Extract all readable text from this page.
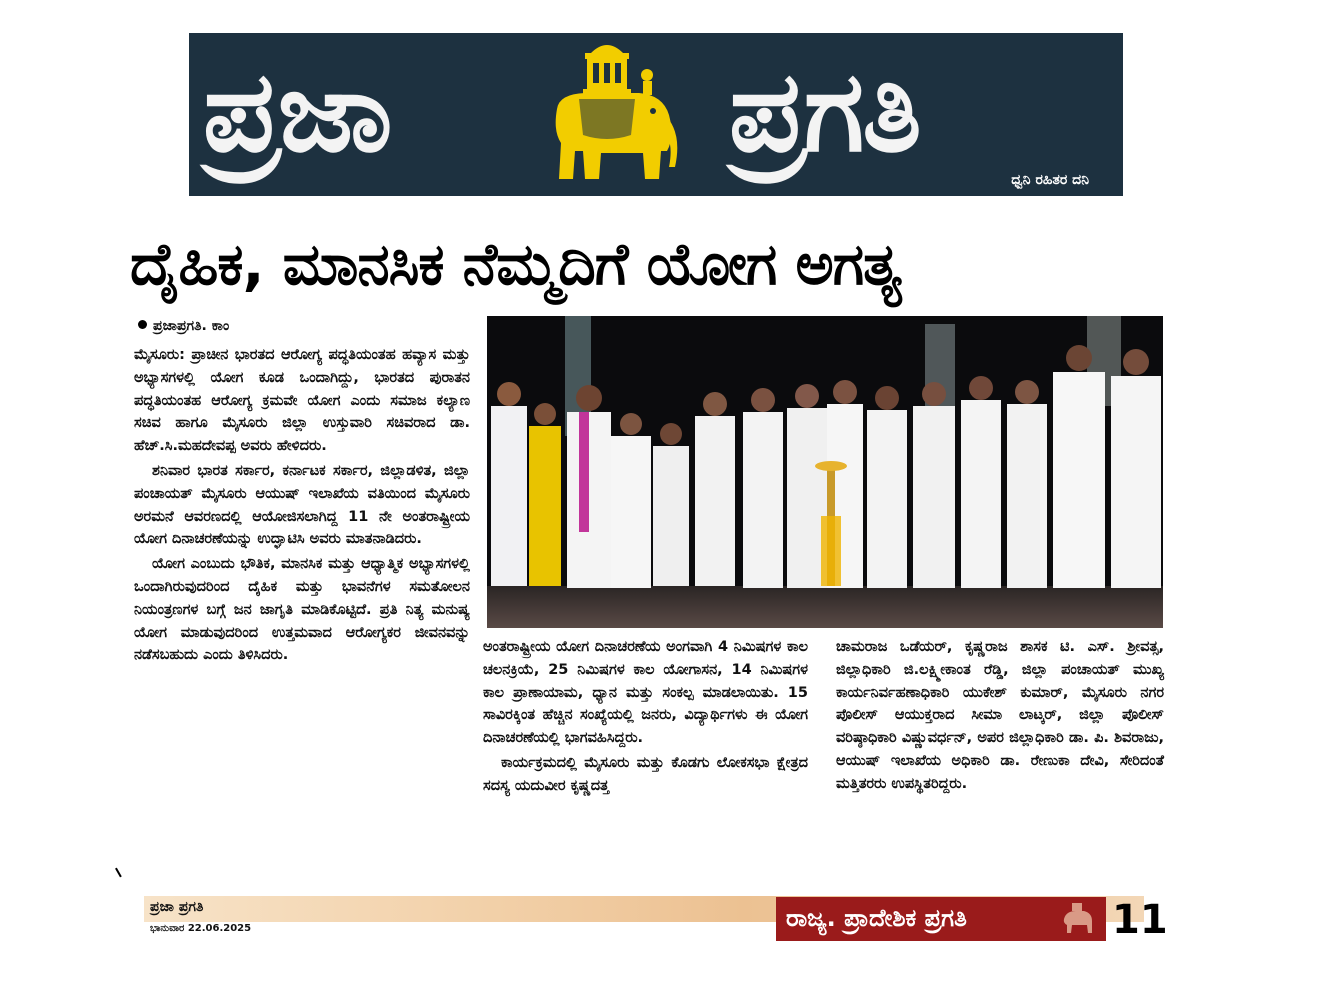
ಪ್ರಜಾ	ಪ್ರಗತಿ
ಧ್ವನಿ ರಹಿತರ ದನಿ
ದೈಹಿಕ, ಮಾನಸಿಕ ನೆಮ್ಮದಿಗೆ ಯೋಗ ಅಗತ್ಯ
ಪ್ರಜಾಪ್ರಗತಿ. ಕಾಂ

ಮೈಸೂರು: ಪ್ರಾಚೀನ ಭಾರತದ ಆರೋಗ್ಯ ಪದ್ಧತಿಯಂತಹ ಹವ್ಯಾಸ ಮತ್ತು ಅಭ್ಯಾಸಗಳಲ್ಲಿ ಯೋಗ ಕೂಡ ಒಂದಾಗಿದ್ದು, ಭಾರತದ ಪುರಾತನ ಪದ್ಧತಿಯಂತಹ ಆರೋಗ್ಯ ಕ್ರಮವೇ ಯೋಗ ಎಂದು ಸಮಾಜ ಕಲ್ಯಾಣ ಸಚಿವ ಹಾಗೂ ಮೈಸೂರು ಜಿಲ್ಲಾ ಉಸ್ತುವಾರಿ ಸಚಿವರಾದ ಡಾ. ಹೆಚ್.ಸಿ.ಮಹದೇವಪ್ಪ ಅವರು ಹೇಳಿದರು.

ಶನಿವಾರ ಭಾರತ ಸರ್ಕಾರ, ಕರ್ನಾಟಕ ಸರ್ಕಾರ, ಜಿಲ್ಲಾಡಳಿತ, ಜಿಲ್ಲಾ ಪಂಚಾಯತ್ ಮೈಸೂರು ಆಯುಷ್ ಇಲಾಖೆಯ ವತಿಯಿಂದ ಮೈಸೂರು ಅರಮನೆ ಆವರಣದಲ್ಲಿ ಆಯೋಜಿಸಲಾಗಿದ್ದ 11 ನೇ ಅಂತರಾಷ್ಟ್ರೀಯ ಯೋಗ ದಿನಾಚರಣೆಯನ್ನು ಉದ್ಘಾಟಿಸಿ ಅವರು ಮಾತನಾಡಿದರು.

ಯೋಗ ಎಂಬುದು ಭೌತಿಕ, ಮಾನಸಿಕ ಮತ್ತು ಆಧ್ಯಾತ್ಮಿಕ ಅಭ್ಯಾಸಗಳಲ್ಲಿ ಒಂದಾಗಿರುವುದರಿಂದ ದೈಹಿಕ ಮತ್ತು ಭಾವನೆಗಳ ಸಮತೋಲನ ನಿಯಂತ್ರಣಗಳ ಬಗ್ಗೆ ಜನ ಜಾಗೃತಿ ಮಾಡಿಕೊಟ್ಟಿದೆ. ಪ್ರತಿ ನಿತ್ಯ ಮನುಷ್ಯ ಯೋಗ ಮಾಡುವುದರಿಂದ ಉತ್ತಮವಾದ ಆರೋಗ್ಯಕರ ಜೀವನವನ್ನು ನಡೆಸಬಹುದು ಎಂದು ತಿಳಿಸಿದರು.

ಅಂತರಾಷ್ಟ್ರೀಯ ಯೋಗ ದಿನಾಚರಣೆಯ ಅಂಗವಾಗಿ 4 ನಿಮಿಷಗಳ ಕಾಲ ಚಲನಕ್ರಿಯೆ, 25 ನಿಮಿಷಗಳ ಕಾಲ ಯೋಗಾಸನ, 14 ನಿಮಿಷಗಳ ಕಾಲ ಪ್ರಾಣಾಯಾಮ, ಧ್ಯಾನ ಮತ್ತು ಸಂಕಲ್ಪ ಮಾಡಲಾಯಿತು. 15 ಸಾವಿರಕ್ಕಿಂತ ಹೆಚ್ಚಿನ ಸಂಖ್ಯೆಯಲ್ಲಿ ಜನರು, ವಿದ್ಯಾರ್ಥಿಗಳು ಈ ಯೋಗ ದಿನಾಚರಣೆಯಲ್ಲಿ ಭಾಗವಹಿಸಿದ್ದರು.

ಕಾರ್ಯಕ್ರಮದಲ್ಲಿ ಮೈಸೂರು ಮತ್ತು ಕೊಡಗು ಲೋಕಸಭಾ ಕ್ಷೇತ್ರದ ಸದಸ್ಯ ಯದುವೀರ ಕೃಷ್ಣದತ್ತ

ಚಾಮರಾಜ ಒಡೆಯರ್, ಕೃಷ್ಣರಾಜ ಶಾಸಕ ಟಿ. ಎಸ್. ಶ್ರೀವತ್ಸ, ಜಿಲ್ಲಾಧಿಕಾರಿ ಜಿ.ಲಕ್ಷ್ಮೀಕಾಂತ ರೆಡ್ಡಿ, ಜಿಲ್ಲಾ ಪಂಚಾಯತ್ ಮುಖ್ಯ ಕಾರ್ಯನಿರ್ವಹಣಾಧಿಕಾರಿ ಯುಕೇಶ್ ಕುಮಾರ್, ಮೈಸೂರು ನಗರ ಪೊಲೀಸ್ ಆಯುಕ್ತರಾದ ಸೀಮಾ ಲಾಟ್ಕರ್, ಜಿಲ್ಲಾ ಪೊಲೀಸ್ ವರಿಷ್ಠಾಧಿಕಾರಿ ವಿಷ್ಣುವರ್ಧನ್, ಅಪರ ಜಿಲ್ಲಾಧಿಕಾರಿ ಡಾ. ಪಿ. ಶಿವರಾಜು, ಆಯುಷ್ ಇಲಾಖೆಯ ಅಧಿಕಾರಿ ಡಾ. ರೇಣುಕಾ ದೇವಿ, ಸೇರಿದಂತೆ ಮತ್ತಿತರರು ಉಪಸ್ಥಿತರಿದ್ದರು.

ಪ್ರಜಾ ಪ್ರಗತಿ
ಭಾನುವಾರ 22.06.2025	ರಾಜ್ಯ. ಪ್ರಾದೇಶಿಕ ಪ್ರಗತಿ	11
